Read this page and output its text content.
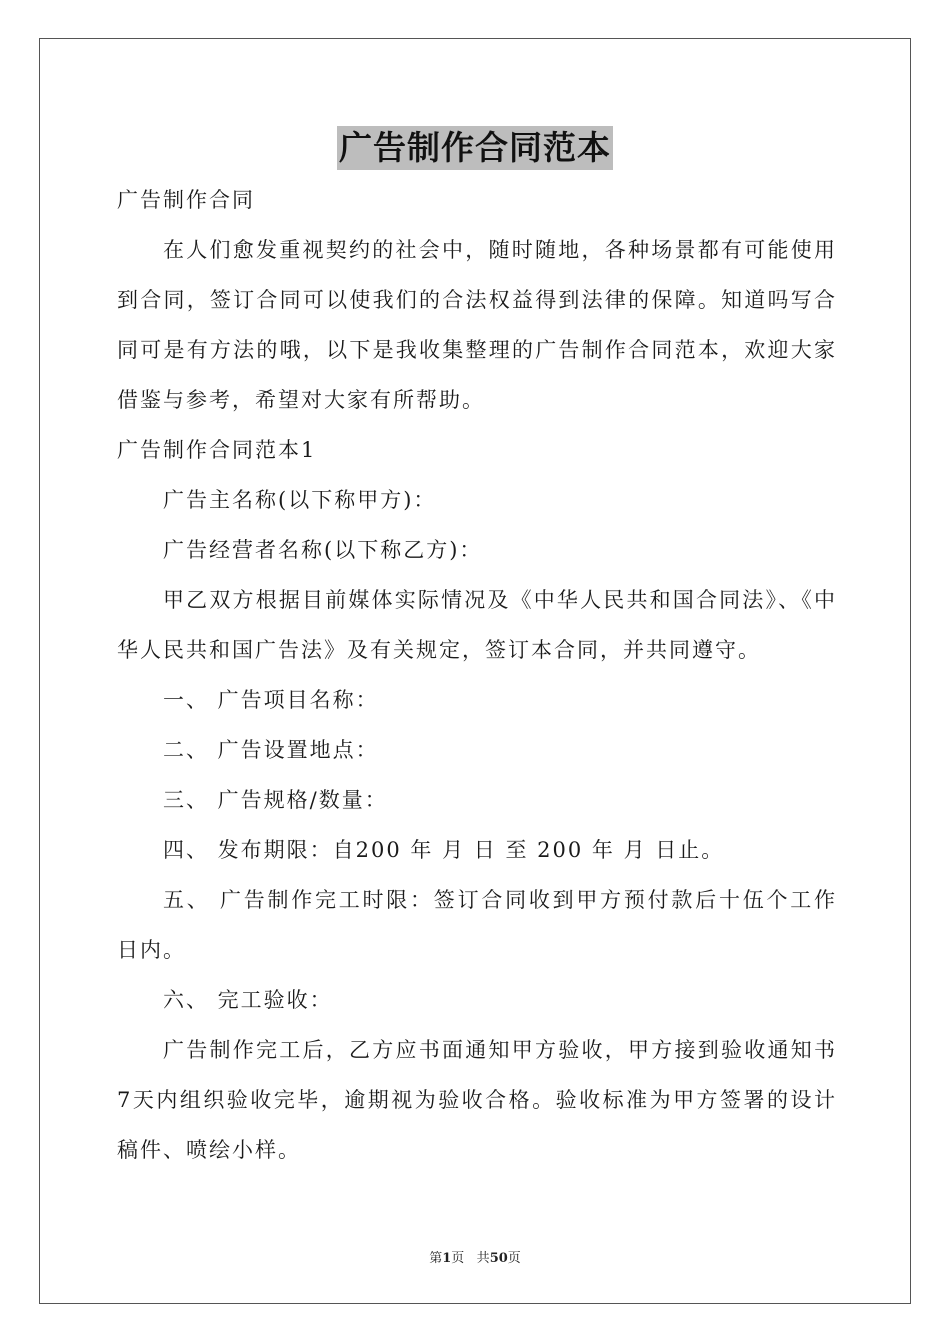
广告制作合同范本

广告制作合同

在人们愈发重视契约的社会中，随时随地，各种场景都有可能使用到合同，签订合同可以使我们的合法权益得到法律的保障。知道吗写合同可是有方法的哦，以下是我收集整理的广告制作合同范本，欢迎大家借鉴与参考，希望对大家有所帮助。

广告制作合同范本1

广告主名称(以下称甲方)：

广告经营者名称(以下称乙方)：

甲乙双方根据目前媒体实际情况及《中华人民共和国合同法》、《中华人民共和国广告法》及有关规定，签订本合同，并共同遵守。

一、 广告项目名称：

二、 广告设置地点：

三、 广告规格/数量：

四、 发布期限：自200 年 月 日 至 200 年 月 日止。

五、 广告制作完工时限：签订合同收到甲方预付款后十伍个工作日内。

六、 完工验收：

广告制作完工后，乙方应书面通知甲方验收，甲方接到验收通知书 7天内组织验收完毕，逾期视为验收合格。验收标准为甲方签署的设计稿件、喷绘小样。

第1页 共50页
